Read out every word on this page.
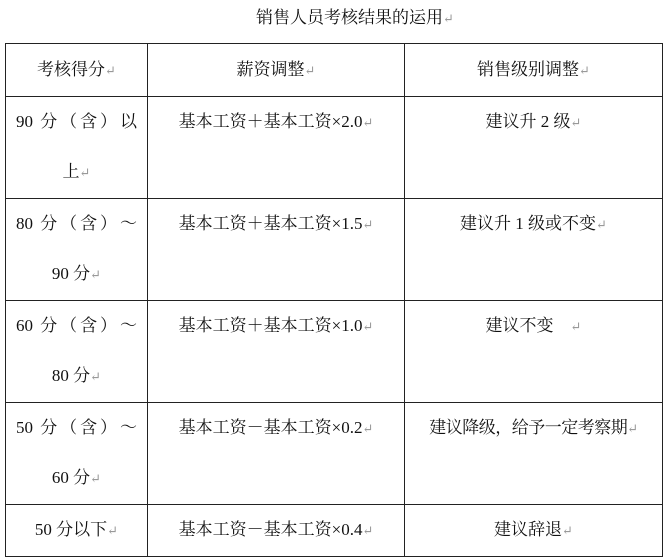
销售人员考核结果的运用 ↵
考核得分 ↵	薪资调整 ↵	销售级别调整 ↵
90 分（含）以上 ↵	基本工资＋基本工资×2.0 ↵	建议升 2 级 ↵
80 分（含）～90 分 ↵	基本工资＋基本工资×1.5 ↵	建议升 1 级或不变 ↵
60 分（含）～80 分 ↵	基本工资＋基本工资×1.0 ↵	建议不变　 ↵
50 分（含）～60 分 ↵	基本工资－基本工资×0.2 ↵	建议降级，给予一定考察期 ↵
50 分以下 ↵	基本工资－基本工资×0.4 ↵	建议辞退 ↵
